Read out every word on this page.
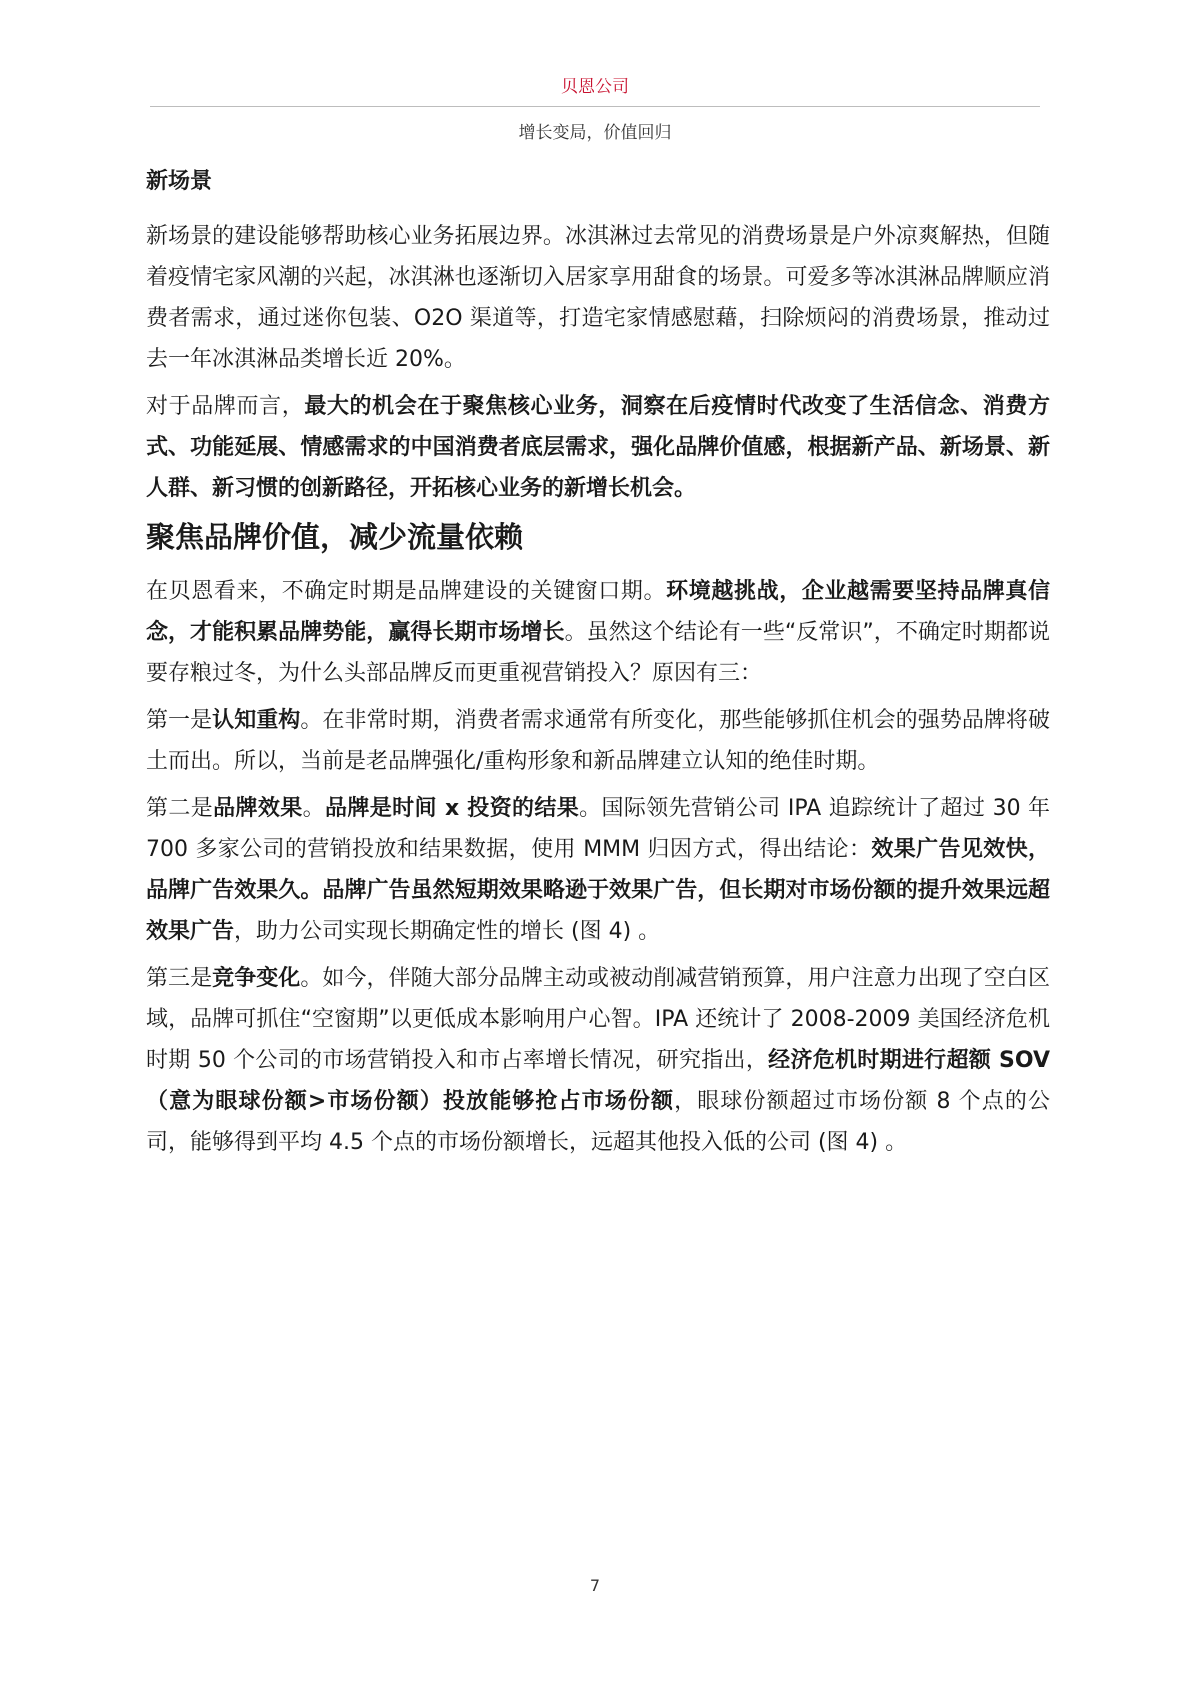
贝恩公司
增长变局，价值回归
新场景

新场景的建设能够帮助核心业务拓展边界。冰淇淋过去常见的消费场景是户外凉爽解热，但随着疫情宅家风潮的兴起，冰淇淋也逐渐切入居家享用甜食的场景。可爱多等冰淇淋品牌顺应消费者需求，通过迷你包装、O2O 渠道等，打造宅家情感慰藉，扫除烦闷的消费场景，推动过去一年冰淇淋品类增长近 20%。

对于品牌而言，最大的机会在于聚焦核心业务，洞察在后疫情时代改变了生活信念、消费方式、功能延展、情感需求的中国消费者底层需求，强化品牌价值感，根据新产品、新场景、新人群、新习惯的创新路径，开拓核心业务的新增长机会。

聚焦品牌价值，减少流量依赖

在贝恩看来，不确定时期是品牌建设的关键窗口期。环境越挑战，企业越需要坚持品牌真信念，才能积累品牌势能，赢得长期市场增长。虽然这个结论有一些“反常识”，不确定时期都说要存粮过冬，为什么头部品牌反而更重视营销投入？原因有三：

第一是认知重构。在非常时期，消费者需求通常有所变化，那些能够抓住机会的强势品牌将破土而出。所以，当前是老品牌强化/重构形象和新品牌建立认知的绝佳时期。

第二是品牌效果。品牌是时间 x 投资的结果。国际领先营销公司 IPA 追踪统计了超过 30 年 700 多家公司的营销投放和结果数据，使用 MMM 归因方式，得出结论：效果广告见效快，品牌广告效果久。品牌广告虽然短期效果略逊于效果广告，但长期对市场份额的提升效果远超效果广告，助力公司实现长期确定性的增长 (图 4) 。

第三是竞争变化。如今，伴随大部分品牌主动或被动削减营销预算，用户注意力出现了空白区域，品牌可抓住“空窗期”以更低成本影响用户心智。IPA 还统计了 2008-2009 美国经济危机时期 50 个公司的市场营销投入和市占率增长情况，研究指出，经济危机时期进行超额 SOV（意为眼球份额>市场份额）投放能够抢占市场份额，眼球份额超过市场份额 8 个点的公司，能够得到平均 4.5 个点的市场份额增长，远超其他投入低的公司 (图 4) 。

7
